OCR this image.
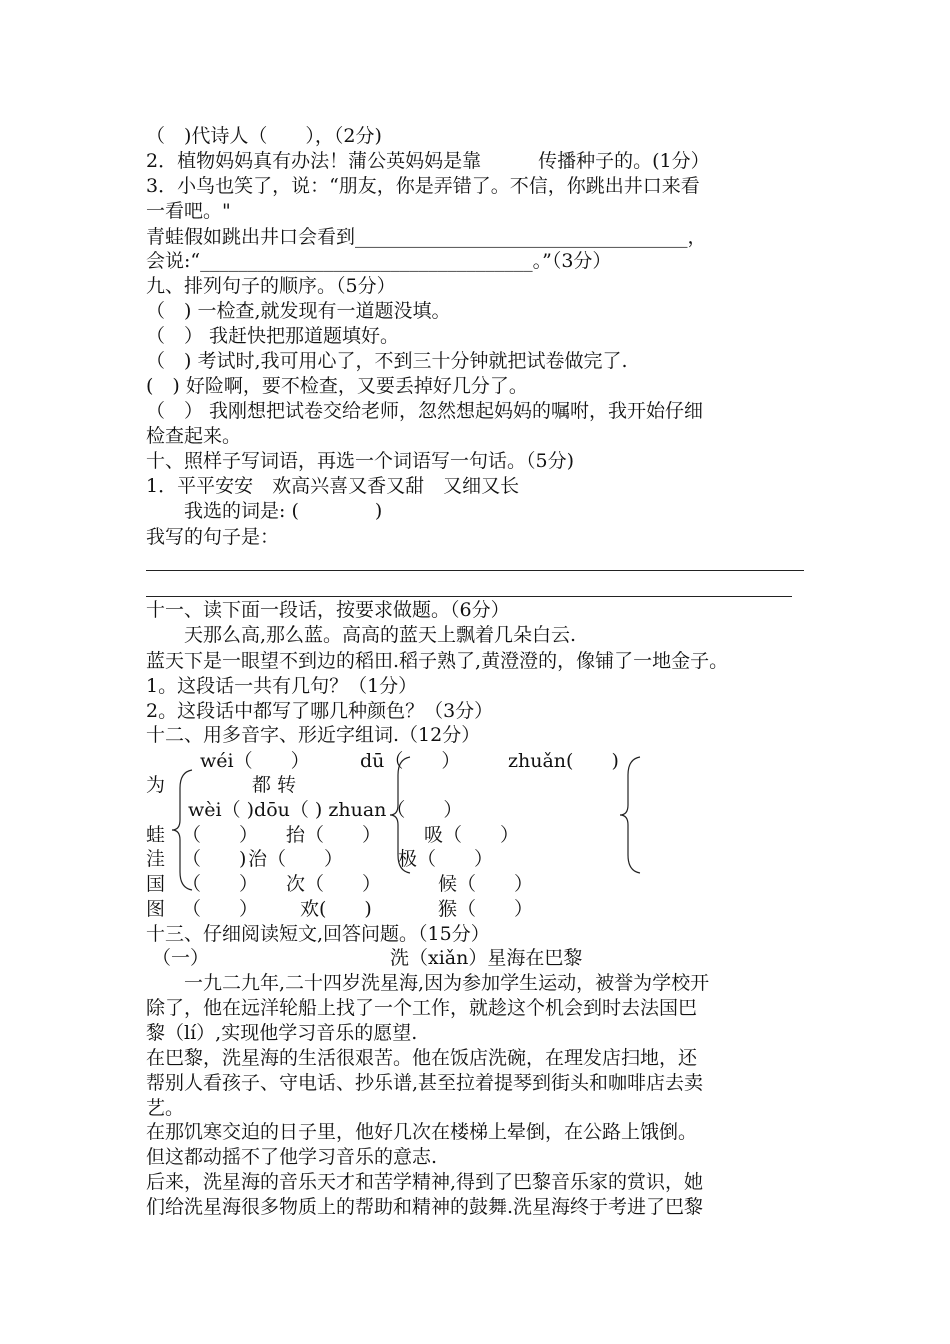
（　)代诗人（　　），（2分)
2．植物妈妈真有办法！蒲公英妈妈是靠　　　传播种子的。(1分）
3．小鸟也笑了，说：“朋友，你是弄错了。不信，你跳出井口来看
一看吧。"
青蛙假如跳出井口会看到___________________________________，
会说:“___________________________________。”（3分）
九、排列句子的顺序。（5分）
（　) 一检查,就发现有一道题没填。
（　） 我赶快把那道题填好。
（　) 考试时,我可用心了，不到三十分钟就把试卷做完了.
(　) 好险啊，要不检查，又要丢掉好几分了。
（　） 我刚想把试卷交给老师，忽然想起妈妈的嘱咐，我开始仔细
检查起来。
十、照样子写词语，再选一个词语写一句话。（5分)
1．平平安安　欢高兴喜又香又甜　又细又长
　　我选的词是: (　　　　)
我写的句子是：
十一、读下面一段话，按要求做题。（6分）
　　天那么高,那么蓝。高高的蓝天上飘着几朵白云.
蓝天下是一眼望不到边的稻田.稻子熟了,黄澄澄的，像铺了一地金子。
1。这段话一共有几句？（1分）
2。这段话中都写了哪几种颜色？（3分）
十二、用多音字、形近字组词.（12分）
wéi（　　）	dū（　　）	zhuǎn(　　)
为	都 转
wèi（ )dōu（ ) zhuan（　　）
蛙 （　　） 抬（　　） 吸（　　）
洼 （　　) 治（　　）	极（　　）
国 （　　） 次（　　）	候（　　）
图 （　　） 欢(　　)	猴（　　）
十三、仔细阅读短文,回答问题。（15分）
（一）	洗（xiǎn）星海在巴黎
　　一九二九年,二十四岁洗星海,因为参加学生运动，被誉为学校开
除了，他在远洋轮船上找了一个工作，就趁这个机会到时去法国巴
黎（lí）,实现他学习音乐的愿望.
在巴黎，洗星海的生活很艰苦。他在饭店洗碗，在理发店扫地，还
帮别人看孩子、守电话、抄乐谱,甚至拉着提琴到街头和咖啡店去卖
艺。
在那饥寒交迫的日子里，他好几次在楼梯上晕倒，在公路上饿倒。
但这都动摇不了他学习音乐的意志.
后来，洗星海的音乐天才和苦学精神,得到了巴黎音乐家的赏识，她
们给洗星海很多物质上的帮助和精神的鼓舞.洗星海终于考进了巴黎
